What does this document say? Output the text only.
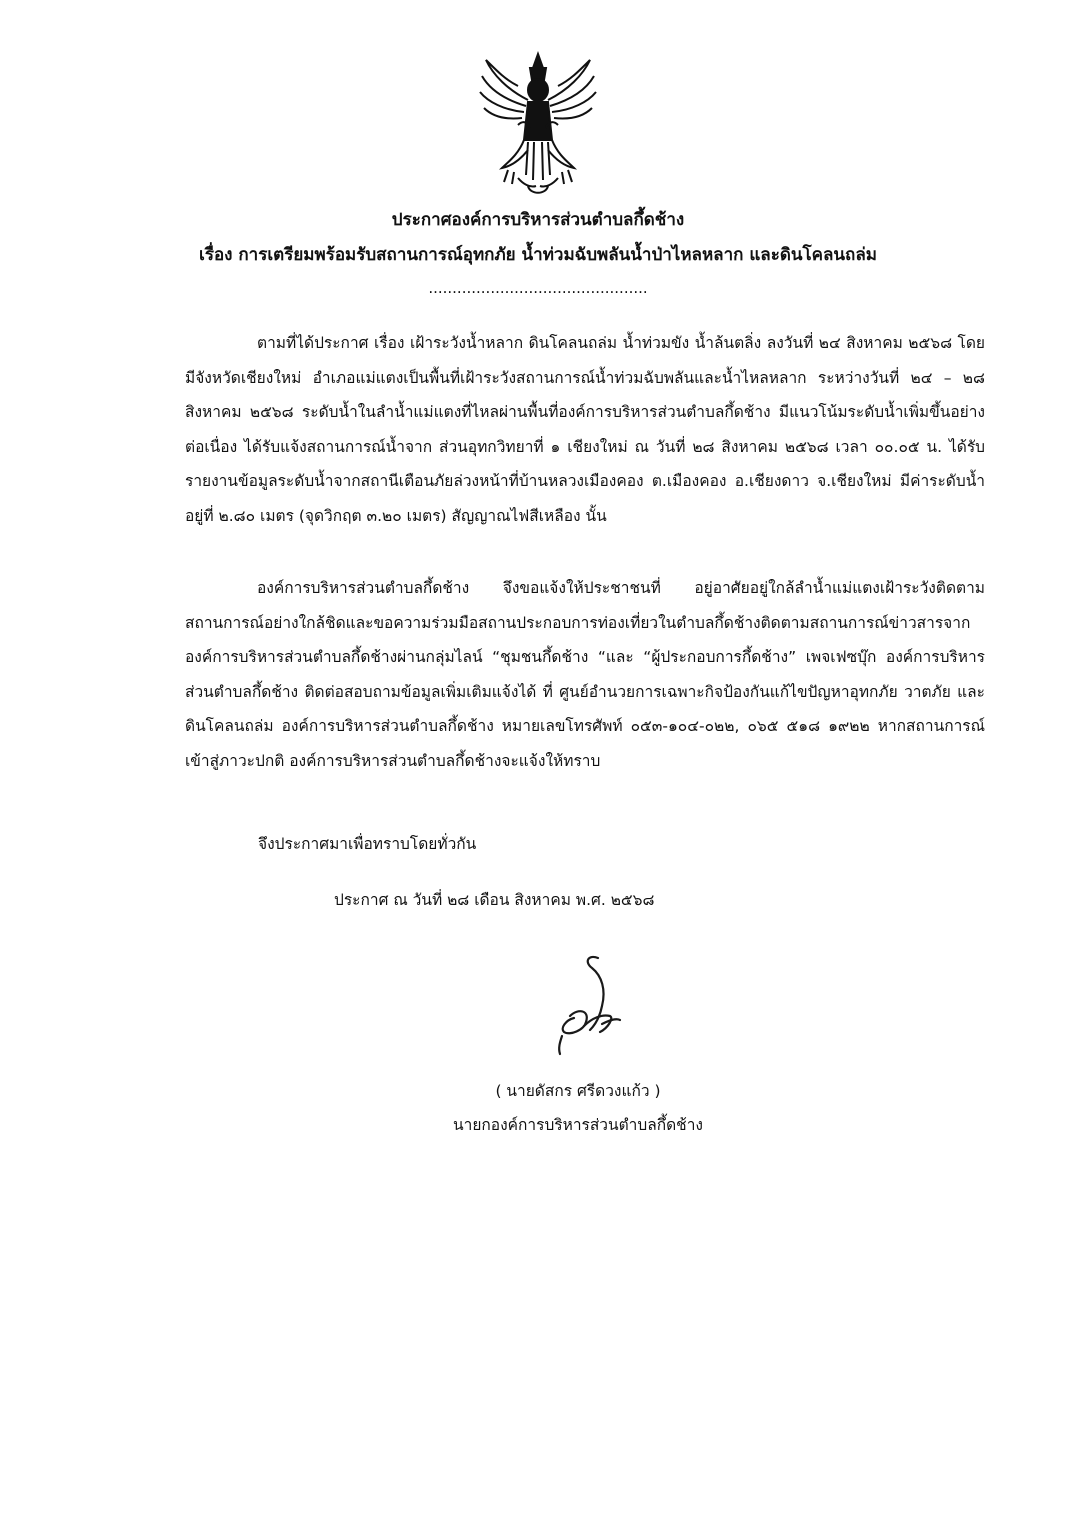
ประกาศองค์การบริหารส่วนตำบลกึ้ดช้าง
เรื่อง การเตรียมพร้อมรับสถานการณ์อุทกภัย น้ำท่วมฉับพลันน้ำป่าไหลหลาก และดินโคลนถล่ม
..............................................

ตามที่ได้ประกาศ เรื่อง เฝ้าระวังน้ำหลาก ดินโคลนถล่ม น้ำท่วมขัง น้ำล้นตลิ่ง ลงวันที่ ๒๔ สิงหาคม ๒๕๖๘ โดยมีจังหวัดเชียงใหม่ อำเภอแม่แตงเป็นพื้นที่เฝ้าระวังสถานการณ์น้ำท่วมฉับพลันและน้ำไหลหลาก ระหว่างวันที่ ๒๔ – ๒๘ สิงหาคม ๒๕๖๘ ระดับน้ำในลำน้ำแม่แตงที่ไหลผ่านพื้นที่องค์การบริหารส่วนตำบลกึ้ดช้าง มีแนวโน้มระดับน้ำเพิ่มขึ้นอย่างต่อเนื่อง ได้รับแจ้งสถานการณ์น้ำจาก ส่วนอุทกวิทยาที่ ๑ เชียงใหม่ ณ วันที่ ๒๘ สิงหาคม ๒๕๖๘ เวลา ๐๐.๐๕ น. ได้รับรายงานข้อมูลระดับน้ำจากสถานีเตือนภัยล่วงหน้าที่บ้านหลวงเมืองคอง ต.เมืองคอง อ.เชียงดาว จ.เชียงใหม่ มีค่าระดับน้ำ อยู่ที่ ๒.๘๐ เมตร (จุดวิกฤต ๓.๒๐ เมตร) สัญญาณไฟสีเหลือง นั้น

องค์การบริหารส่วนตำบลกึ้ดช้าง จึงขอแจ้งให้ประชาชนที่ อยู่อาศัยอยู่ใกล้ลำน้ำแม่แตงเฝ้าระวังติดตามสถานการณ์อย่างใกล้ชิดและขอความร่วมมือสถานประกอบการท่องเที่ยวในตำบลกึ้ดช้างติดตามสถานการณ์ข่าวสารจากองค์การบริหารส่วนตำบลกึ้ดช้างผ่านกลุ่มไลน์ “ชุมชนกึ้ดช้าง “และ “ผู้ประกอบการกึ้ดช้าง” เพจเฟซบุ๊ก องค์การบริหารส่วนตำบลกึ้ดช้าง ติดต่อสอบถามข้อมูลเพิ่มเติมแจ้งได้ ที่ ศูนย์อำนวยการเฉพาะกิจป้องกันแก้ไขปัญหาอุทกภัย วาตภัย และดินโคลนถล่ม องค์การบริหารส่วนตำบลกึ้ดช้าง หมายเลขโทรศัพท์ ๐๕๓-๑๐๔-๐๒๒, ๐๖๕ ๕๑๘ ๑๙๒๒ หากสถานการณ์เข้าสู่ภาวะปกติ องค์การบริหารส่วนตำบลกึ้ดช้างจะแจ้งให้ทราบ

จึงประกาศมาเพื่อทราบโดยทั่วกัน
ประกาศ ณ วันที่ ๒๘ เดือน สิงหาคม พ.ศ. ๒๕๖๘
( นายดัสกร ศรีดวงแก้ว )
นายกองค์การบริหารส่วนตำบลกึ้ดช้าง
